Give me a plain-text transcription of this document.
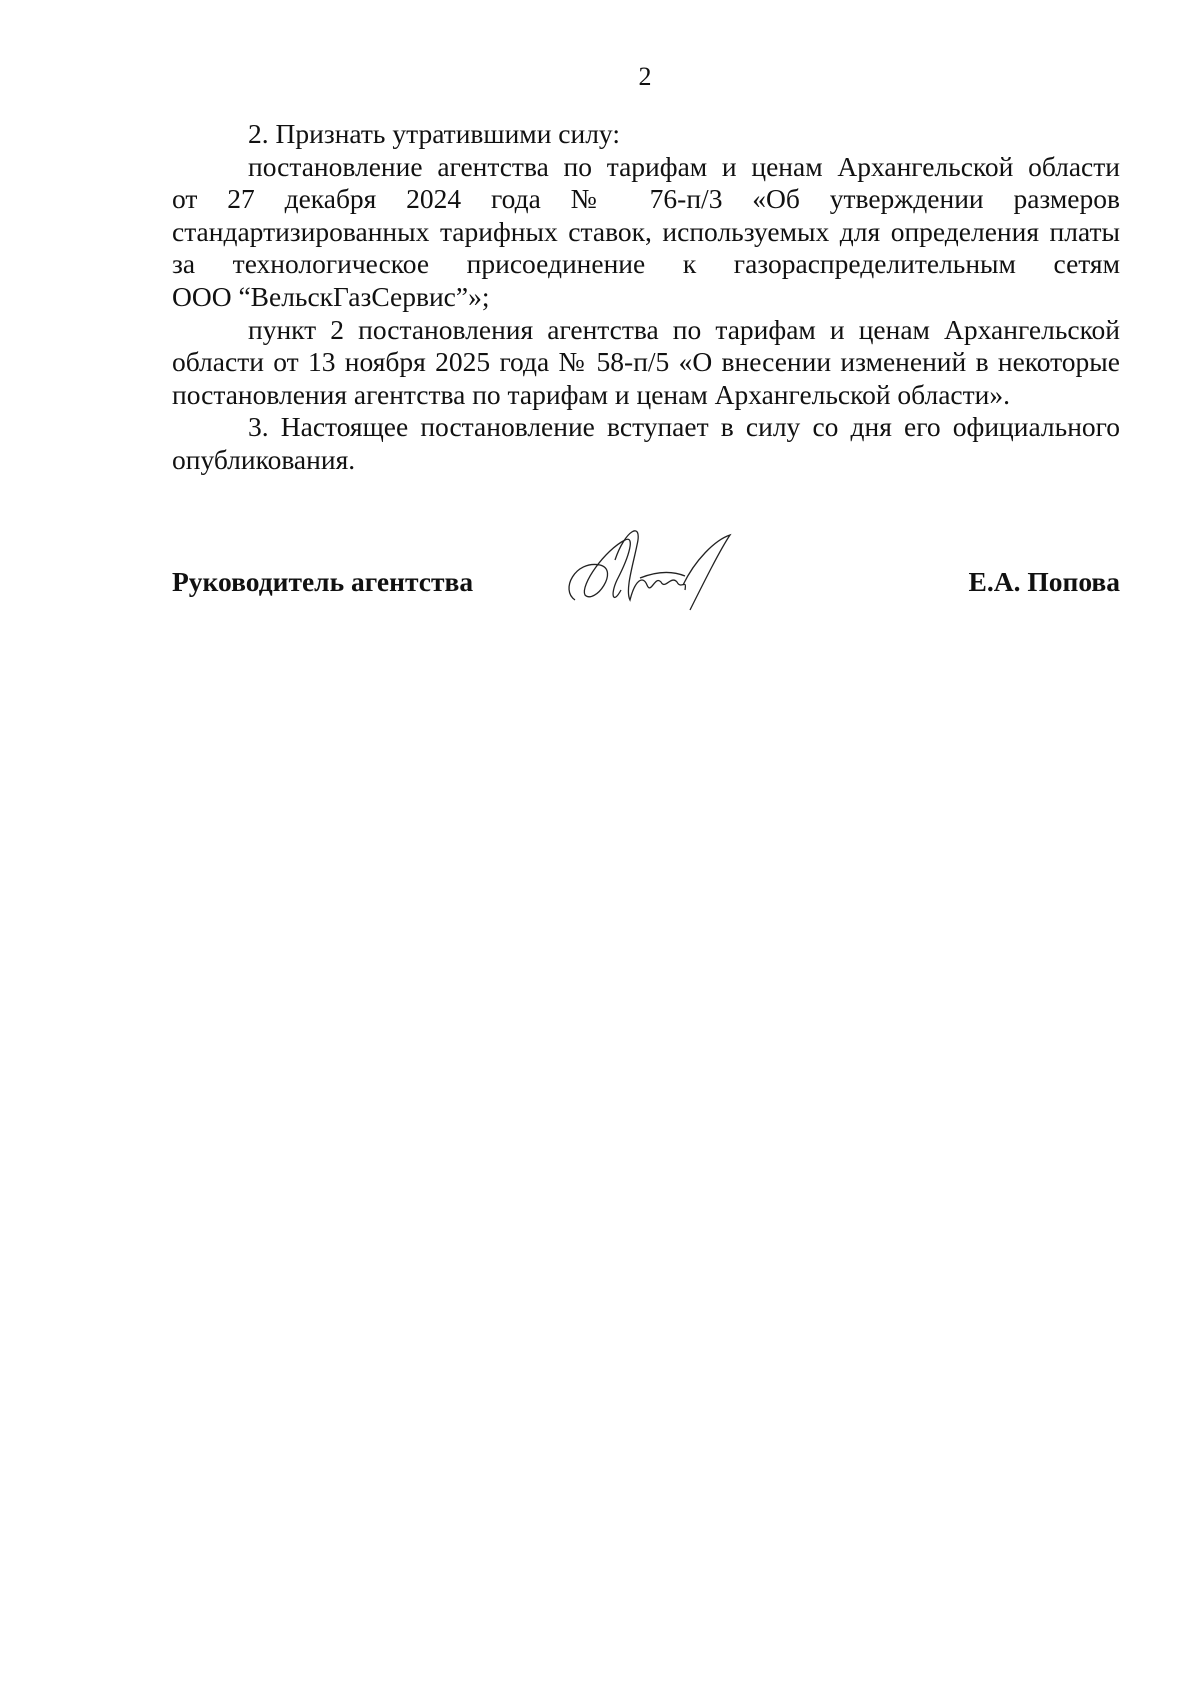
2
2. Признать утратившими силу:
постановление агентства по тарифам и ценам Архангельской области
от 27 декабря 2024 года № 76-п/3 «Об утверждении размеров
стандартизированных тарифных ставок, используемых для определения платы
за технологическое присоединение к газораспределительным сетям
ООО “ВельскГазСервис”»;
пункт 2 постановления агентства по тарифам и ценам Архангельской
области от 13 ноября 2025 года № 58-п/5 «О внесении изменений в некоторые
постановления агентства по тарифам и ценам Архангельской области».
3. Настоящее постановление вступает в силу со дня его официального
опубликования.
Руководитель агентства	Е.А. Попова
